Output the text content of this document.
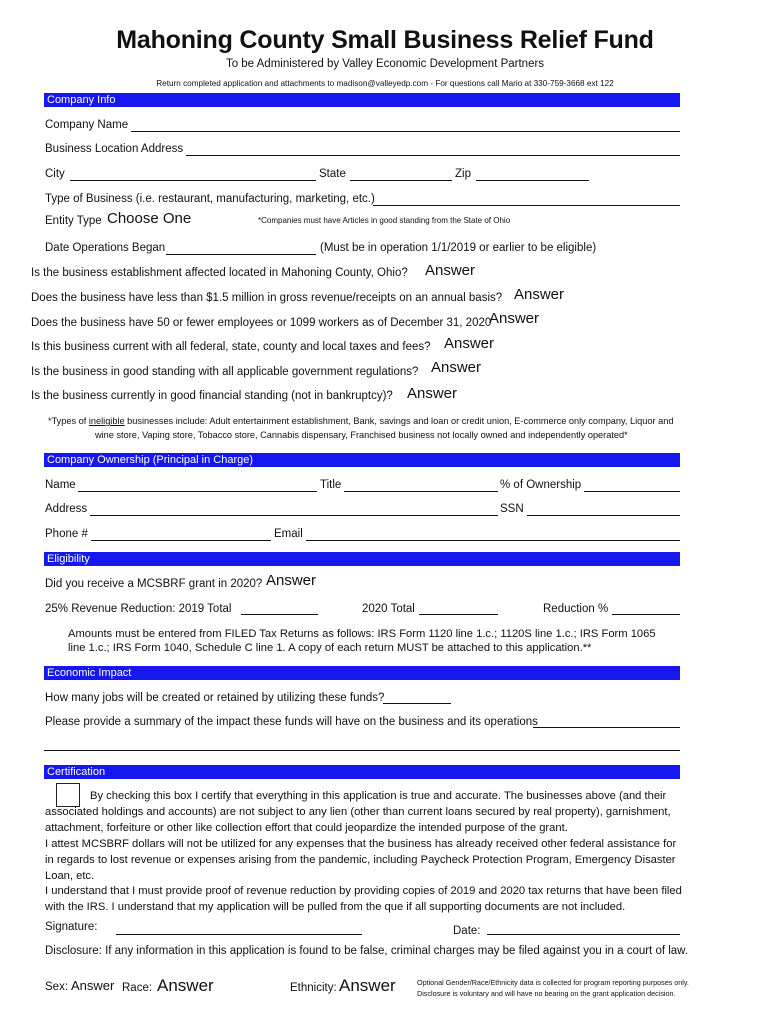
Mahoning County Small Business Relief Fund
To be Administered by Valley Economic Development Partners
Return completed application and attachments to madison@valleyedp.com - For questions call Mario at 330-759-3668 ext 122
Company Info
Company Name
Business Location Address
City	State	Zip
Type of Business (i.e. restaurant, manufacturing, marketing, etc.)
Entity Type Choose One	*Companies must have Articles in good standing from the State of Ohio
Date Operations Began	(Must be in operation 1/1/2019 or earlier to be eligible)
Is the business establishment affected located in Mahoning County, Ohio? Answer
Does the business have less than $1.5 million in gross revenue/receipts on an annual basis? Answer
Does the business have 50 or fewer employees or 1099 workers as of December 31, 2020
Answer
Is this business current with all federal, state, county and local taxes and fees? Answer
Is the business in good standing with all applicable government regulations? Answer
Is the business currently in good financial standing (not in bankruptcy)? Answer
*Types of ineligible businesses include: Adult entertainment establishment, Bank, savings and loan or credit union, E-commerce only company, Liquor and
wine store, Vaping store, Tobacco store, Cannabis dispensary, Franchised business not locally owned and independently operated*
Company Ownership (Principal in Charge)
Name	Title	% of Ownership
Address	SSN
Phone #	Email
Eligibility
Did you receive a MCSBRF grant in 2020? Answer
25% Revenue Reduction: 2019 Total	2020 Total	Reduction %
Amounts must be entered from FILED Tax Returns as follows: IRS Form 1120 line 1.c.; 1120S line 1.c.; IRS Form 1065
line 1.c.; IRS Form 1040, Schedule C line 1. A copy of each return MUST be attached to this application.**
Economic Impact
How many jobs will be created or retained by utilizing these funds?
Please provide a summary of the impact these funds will have on the business and its operations
Certification
By checking this box I certify that everything in this application is true and accurate. The businesses above (and their associated holdings and accounts) are not subject to any lien (other than current loans secured by real property), garnishment, attachment, forfeiture or other like collection effort that could jeopardize the intended purpose of the grant.
I attest MCSBRF dollars will not be utilized for any expenses that the business has already received other federal assistance for in regards to lost revenue or expenses arising from the pandemic, including Paycheck Protection Program, Emergency Disaster Loan, etc.
I understand that I must provide proof of revenue reduction by providing copies of 2019 and 2020 tax returns that have been filed with the IRS. I understand that my application will be pulled from the que if all supporting documents are not included.
Signature:	Date:
Disclosure: If any information in this application is found to be false, criminal charges may be filed against you in a court of law.
Sex: Answer Race: Answer	Ethnicity: Answer	Optional Gender/Race/Ethnicity data is collected for program reporting purposes only.
Disclosure is voluntary and will have no bearing on the grant application decision.
